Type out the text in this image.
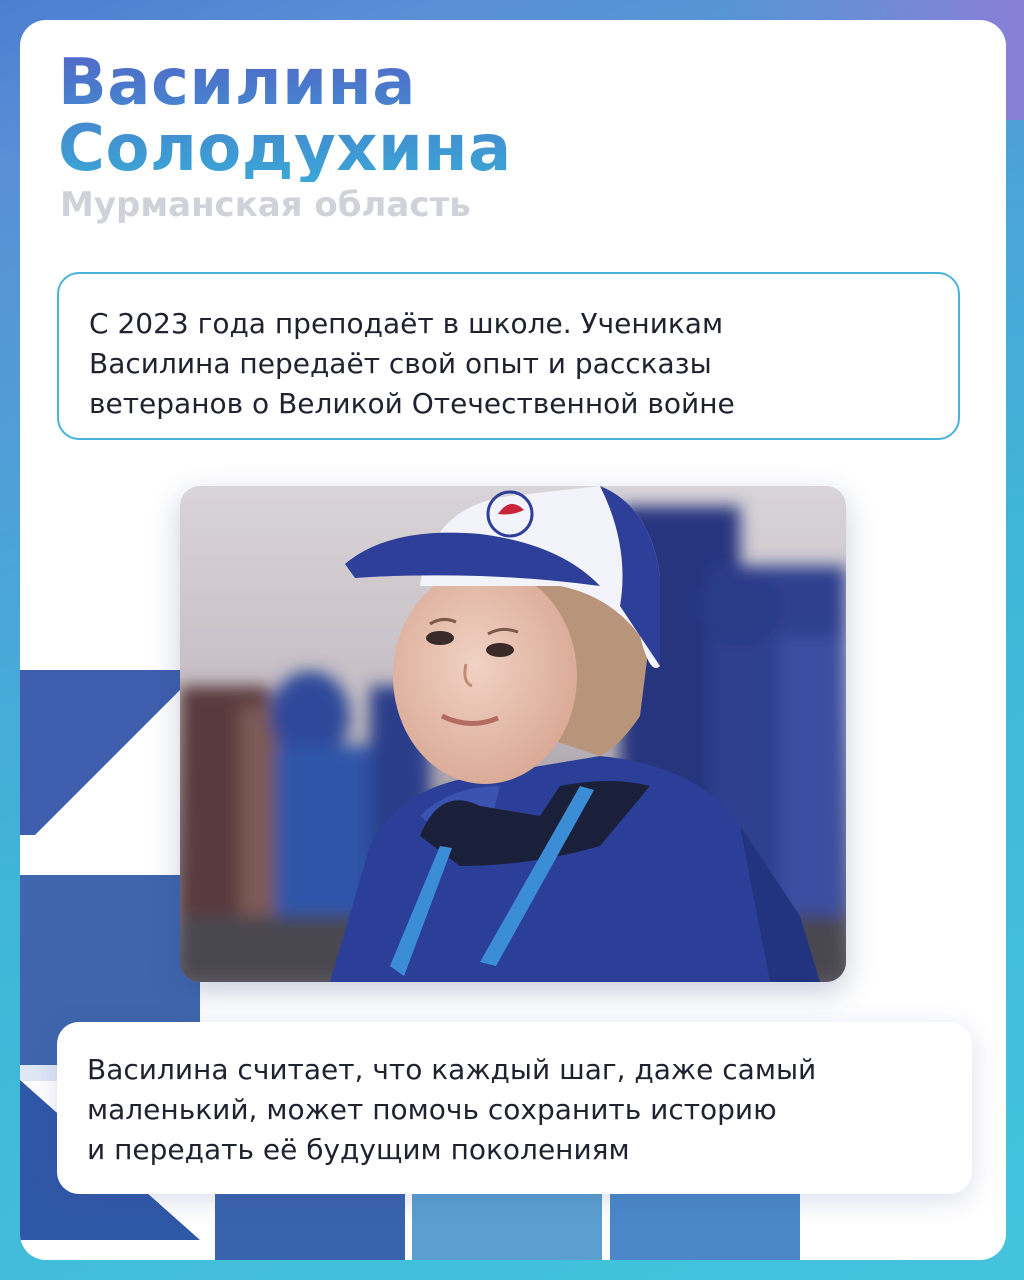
Василина
Солодухина
Мурманская область

С 2023 года преподаёт в школе. Ученикам
Василина передаёт свой опыт и рассказы
ветеранов о Великой Отечественной войне

Василина считает, что каждый шаг, даже самый
маленький, может помочь сохранить историю
и передать её будущим поколениям
